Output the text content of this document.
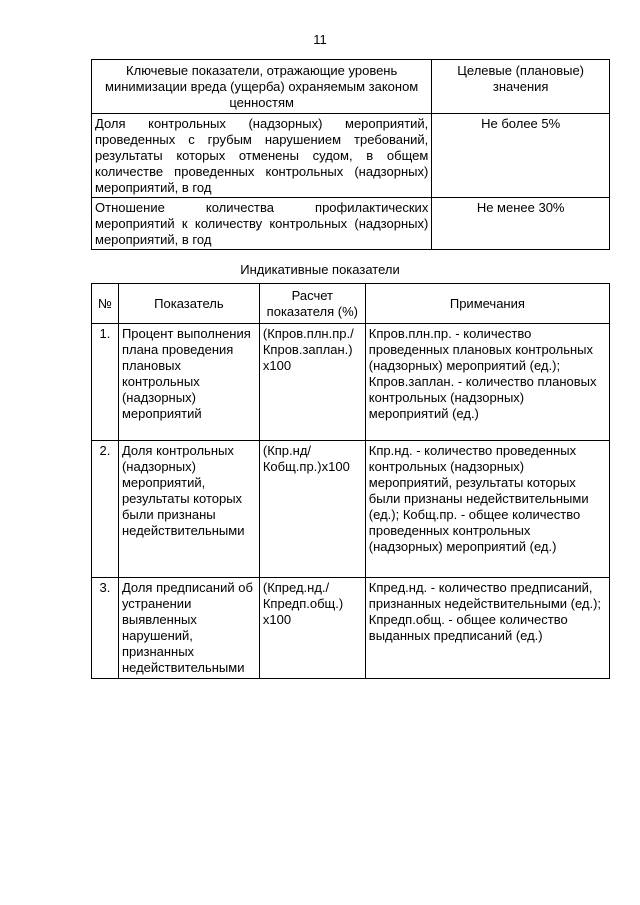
11
Ключевые показатели, отражающие уровень минимизации вреда (ущерба) охраняемым законом ценностям	Целевые (плановые) значения
Доля контрольных (надзорных) мероприятий, проведенных с грубым нарушением требований, результаты которых отменены судом, в общем количестве проведенных контрольных (надзорных) мероприятий, в год	Не более 5%
Отношение количества профилактических мероприятий к количеству контрольных (надзорных) мероприятий, в год	Не менее 30%
Индикативные показатели
№	Показатель	Расчет показателя (%)	Примечания
1.	Процент выполнения плана проведения плановых контрольных (надзорных) мероприятий	(Кпров.плн.пр./ Кпров.заплан.) х100	Кпров.плн.пр. - количество проведенных плановых контрольных (надзорных) мероприятий (ед.); Кпров.заплан. - количество плановых контрольных (надзорных) мероприятий (ед.)
2.	Доля контрольных (надзорных) мероприятий, результаты которых были признаны недействительными	(Кпр.нд/ Кобщ.пр.)х100	Кпр.нд. - количество проведенных контрольных (надзорных) мероприятий, результаты которых были признаны недействительными (ед.); Кобщ.пр. - общее количество проведенных контрольных (надзорных) мероприятий (ед.)
3.	Доля предписаний об устранении выявленных нарушений, признанных недействительными	(Кпред.нд./ Кпредп.общ.) х100	Кпред.нд. - количество предписаний, признанных недействительными (ед.); Кпредп.общ. - общее количество выданных предписаний (ед.)
